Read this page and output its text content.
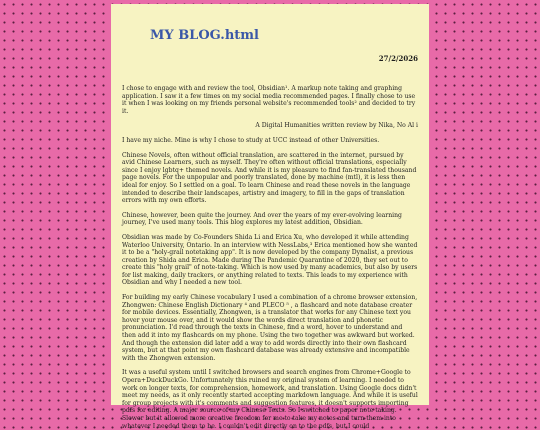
MY BLOG.html
27/2/2026

I chose to engage with and review the tool, Obsidian¹. A markup note taking and graphing application. I saw it a few times on my social media recommended pages. I finally chose to use it when I was looking on my friends personal website's recommended tools² and decided to try it.

A Digital Humanities written review by Nika, No Al i

I have my niche. Mine is why I chose to study at UCC instead of other Universities.

Chinese Novels, often without official translation, are scattered in the internet, pursued by avid Chinese Learners, such as myself. They're often without official translations, especially since I enjoy lgbtq+ themed novels. And while it is my pleasure to find fan-translated thousand page novels. For the unpopular and poorly translated, done by machine (mtl), it is less then ideal for enjoy. So I settled on a goal. To learn Chinese and read these novels in the language intended to describe their landscapes, artistry and imagery, to fill in the gaps of translation errors with my own efforts.

Chinese, however, been quite the journey. And over the years of my ever-evolving learning journey, I've used many tools. This blog explores my latest addition, Obsidian.

Obsidian was made by Co-Founders Shida Li and Erica Xu, who developed it while attending Waterloo University, Ontario. In an interview with NessLabs,³ Erica mentioned how she wanted it to be a "holy-grail notetaking app". It is now developed by the company Dynalist, a previous creation by Shida and Erica. Made during The Pandemic Quarantine of 2020, they set out to create this "holy grail" of note-taking. Which is now used by many academics, but also by users for list making, daily trackers, or anything related to texts. This leads to my experience with Obsidian and why I needed a new tool.

For building my early Chinese vocabulary I used a combination of a chrome browser extension, Zhongwen: Chinese English Dictionary ⁴ and PLECO ⁵ , a flashcard and note database creater for mobile devices. Essentially, Zhongwen, is a translator that works for any Chinese text you hover your mouse over, and it would show the words direct translation and phonetic pronunciation. I'd read through the texts in Chinese, find a word, hover to understand and then add it into my flashcards on my phone. Using the two together was awkward but worked. And though the extension did later add a way to add words directly into their own flashcard system, but at that point my own flashcard database was already extensive and incompatible with the Zhongwen extension.

It was a useful system until I switched browsers and search engines from Chrome+Google to Opera+DuckDuckGo. Unfortunately this ruined my original system of learning. I needed to work on longer texts, for comprehension, homework, and translation. Using Google docs didn't meet my needs, as it only recently started accepting markdown language. And while it is useful for group projects with it's comments and suggestion features, it doesn't supports importing pdfs for editing. A major source of my Chinese Texts. So I switched to paper note taking. Slower but it allowed more creative freedom for me to take my notes and turn them into whatever I needed them to be. I couldn't edit directly on to the pdfs, but I could
